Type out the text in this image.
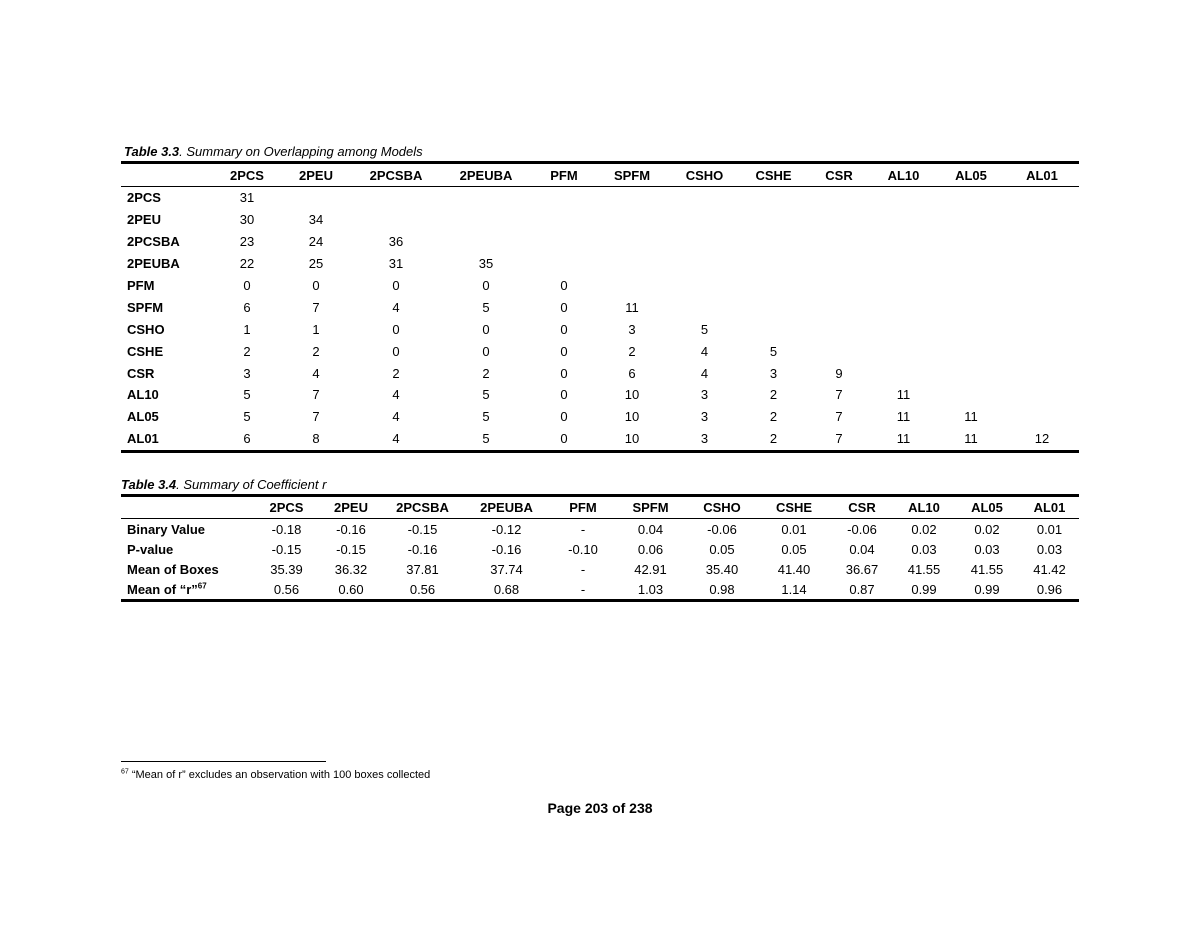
Table 3.3. Summary on Overlapping among Models
	2PCS	2PEU	2PCSBA	2PEUBA	PFM	SPFM	CSHO	CSHE	CSR	AL10	AL05	AL01
2PCS	31											
2PEU	30	34										
2PCSBA	23	24	36									
2PEUBA	22	25	31	35								
PFM	0	0	0	0	0							
SPFM	6	7	4	5	0	11						
CSHO	1	1	0	0	0	3	5					
CSHE	2	2	0	0	0	2	4	5				
CSR	3	4	2	2	0	6	4	3	9			
AL10	5	7	4	5	0	10	3	2	7	11		
AL05	5	7	4	5	0	10	3	2	7	11	11	
AL01	6	8	4	5	0	10	3	2	7	11	11	12
Table 3.4. Summary of Coefficient r
	2PCS	2PEU	2PCSBA	2PEUBA	PFM	SPFM	CSHO	CSHE	CSR	AL10	AL05	AL01
Binary Value	-0.18	-0.16	-0.15	-0.12	-	0.04	-0.06	0.01	-0.06	0.02	0.02	0.01
P-value	-0.15	-0.15	-0.16	-0.16	-0.10	0.06	0.05	0.05	0.04	0.03	0.03	0.03
Mean of Boxes	35.39	36.32	37.81	37.74	-	42.91	35.40	41.40	36.67	41.55	41.55	41.42
Mean of “r”$^{67}$	0.56	0.60	0.56	0.68	-	1.03	0.98	1.14	0.87	0.99	0.99	0.96
$^{67}$ “Mean of r” excludes an observation with 100 boxes collected
Page 203 of 238
